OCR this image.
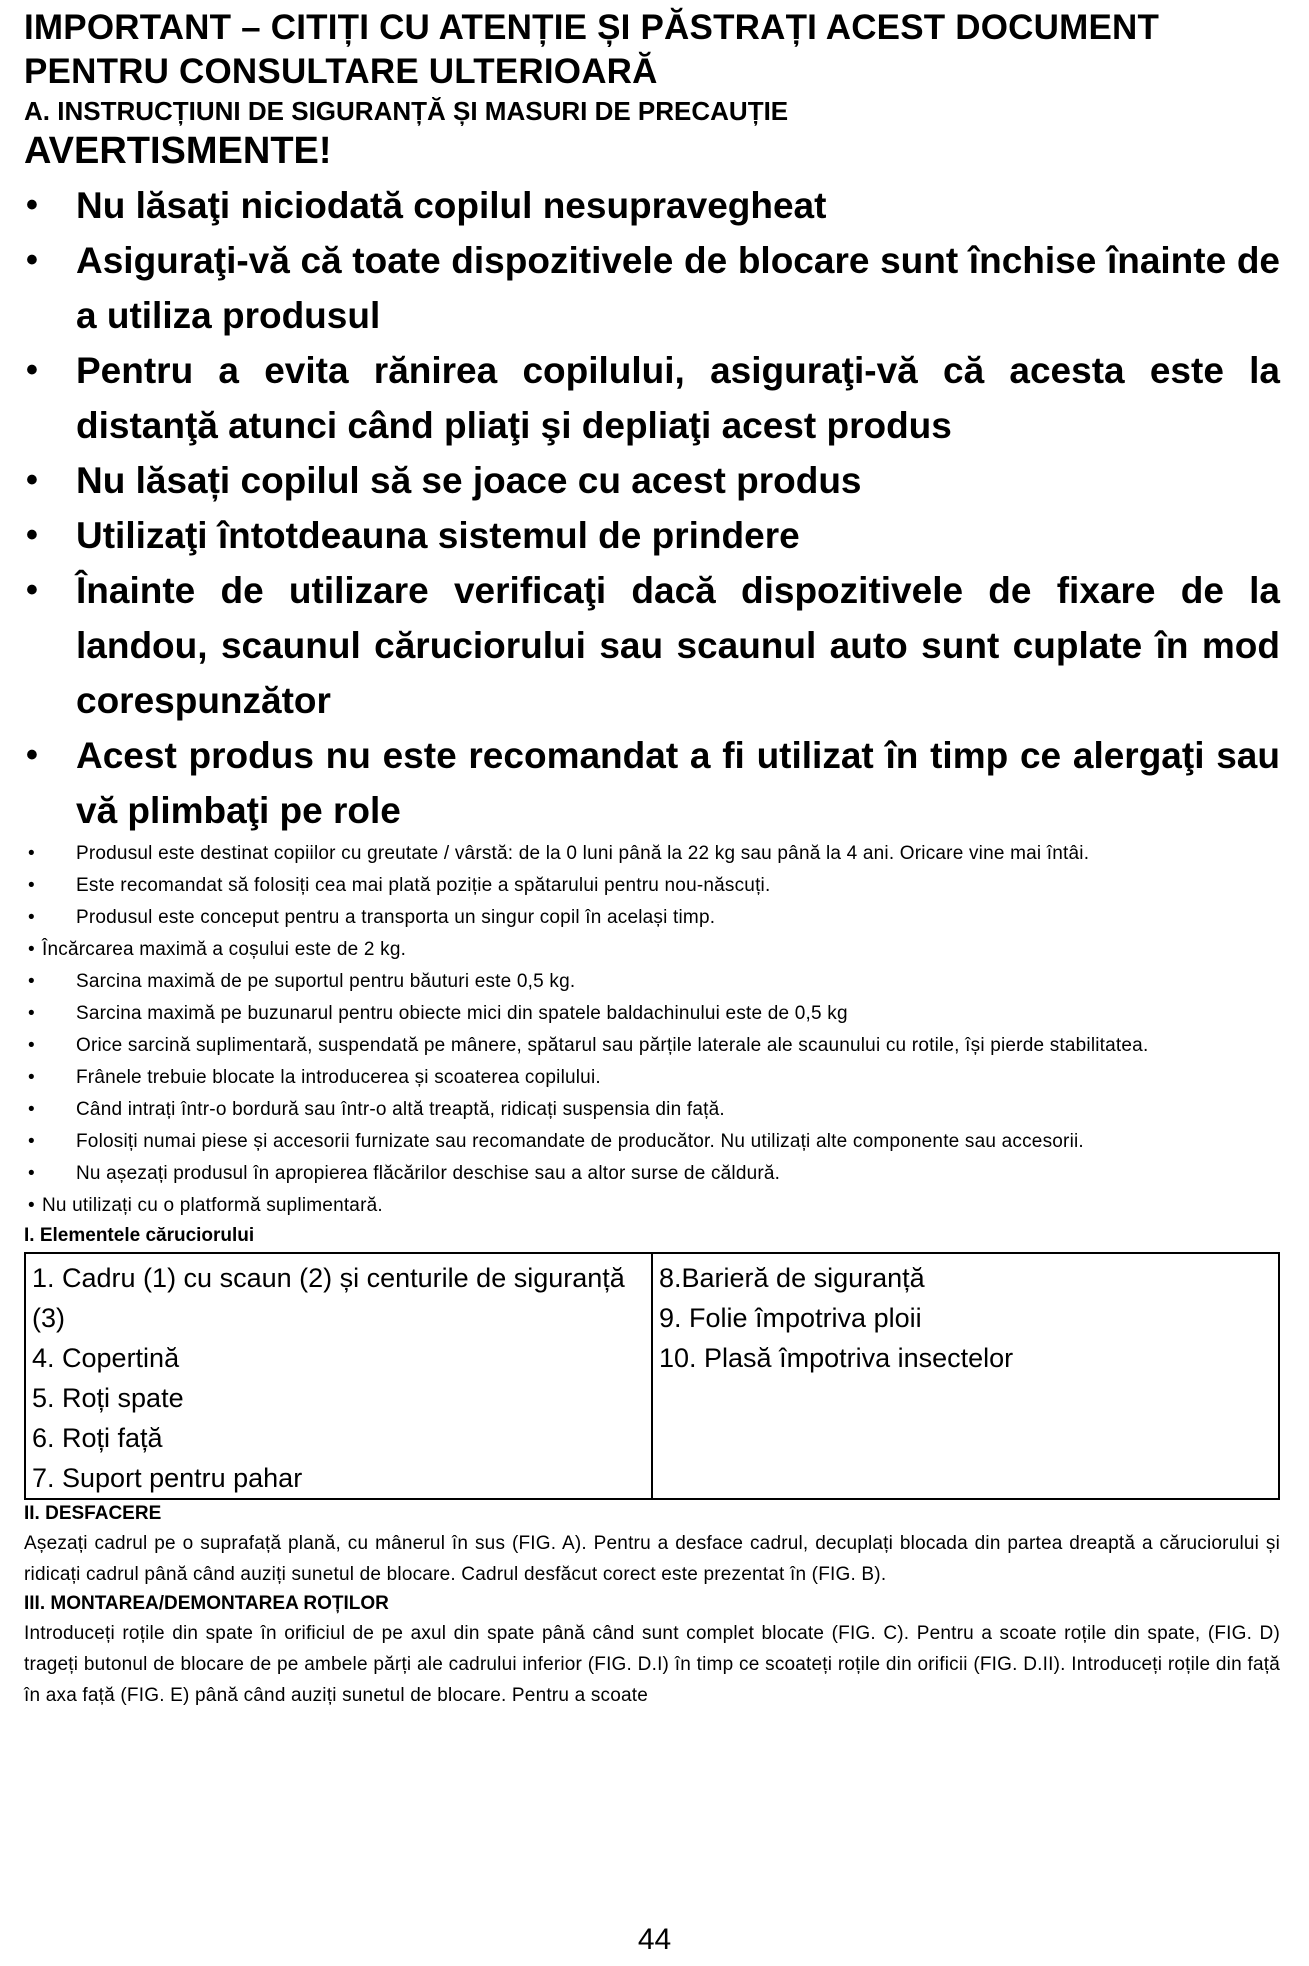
IMPORTANT – CITIȚI CU ATENȚIE ȘI PĂSTRAȚI ACEST DOCUMENT

PENTRU CONSULTARE ULTERIOARĂ

A. INSTRUCȚIUNI DE SIGURANȚĂ ȘI MASURI DE PRECAUȚIE

AVERTISMENTE!

• Nu lăsaţi niciodată copilul nesupravegheat
• Asiguraţi-vă că toate dispozitivele de blocare sunt închise înainte de a utiliza produsul
• Pentru a evita rănirea copilului, asiguraţi-vă că acesta este la distanţă atunci când pliaţi şi depliaţi acest produs
• Nu lăsați copilul să se joace cu acest produs
• Utilizaţi întotdeauna sistemul de prindere
• Înainte de utilizare verificaţi dacă dispozitivele de fixare de la landou, scaunul căruciorului sau scaunul auto sunt cuplate în mod corespunzător
• Acest produs nu este recomandat a fi utilizat în timp ce alergaţi sau vă plimbaţi pe role
• Produsul este destinat copiilor cu greutate / vârstă: de la 0 luni până la 22 kg sau până la 4 ani. Oricare vine mai întâi.
• Este recomandat să folosiți cea mai plată poziție a spătarului pentru nou-născuți.
• Produsul este conceput pentru a transporta un singur copil în același timp.
• Încărcarea maximă a coșului este de 2 kg.
• Sarcina maximă de pe suportul pentru băuturi este 0,5 kg.
• Sarcina maximă pe buzunarul pentru obiecte mici din spatele baldachinului este de 0,5 kg
• Orice sarcină suplimentară, suspendată pe mânere, spătarul sau părțile laterale ale scaunului cu rotile, își pierde stabilitatea.
• Frânele trebuie blocate la introducerea și scoaterea copilului.
• Când intrați într-o bordură sau într-o altă treaptă, ridicați suspensia din față.
• Folosiți numai piese și accesorii furnizate sau recomandate de producător. Nu utilizați alte componente sau accesorii.
• Nu așezați produsul în apropierea flăcărilor deschise sau a altor surse de căldură.
• Nu utilizați cu o platformă suplimentară.

I. Elementele căruciorului

1. Cadru (1) cu scaun (2) și centurile de siguranță (3)
4. Copertină
5. Roți spate
6. Roți față
7. Suport pentru pahar

8.Barieră de siguranță
9. Folie împotriva ploii
10. Plasă împotriva insectelor

II. DESFACERE

Așezați cadrul pe o suprafață plană, cu mânerul în sus (FIG. A). Pentru a desface cadrul, decuplați blocada din partea dreaptă a căruciorului și ridicați cadrul până când auziți sunetul de blocare. Cadrul desfăcut corect este prezentat în (FIG. B).

III. MONTAREA/DEMONTAREA ROȚILOR

Introduceți roțile din spate în orificiul de pe axul din spate până când sunt complet blocate (FIG. C). Pentru a scoate roțile din spate, (FIG. D) trageți butonul de blocare de pe ambele părți ale cadrului inferior (FIG. D.I) în timp ce scoateți roțile din orificii (FIG. D.II). Introduceți roțile din față în axa față (FIG. E) până când auziți sunetul de blocare. Pentru a scoate

44
